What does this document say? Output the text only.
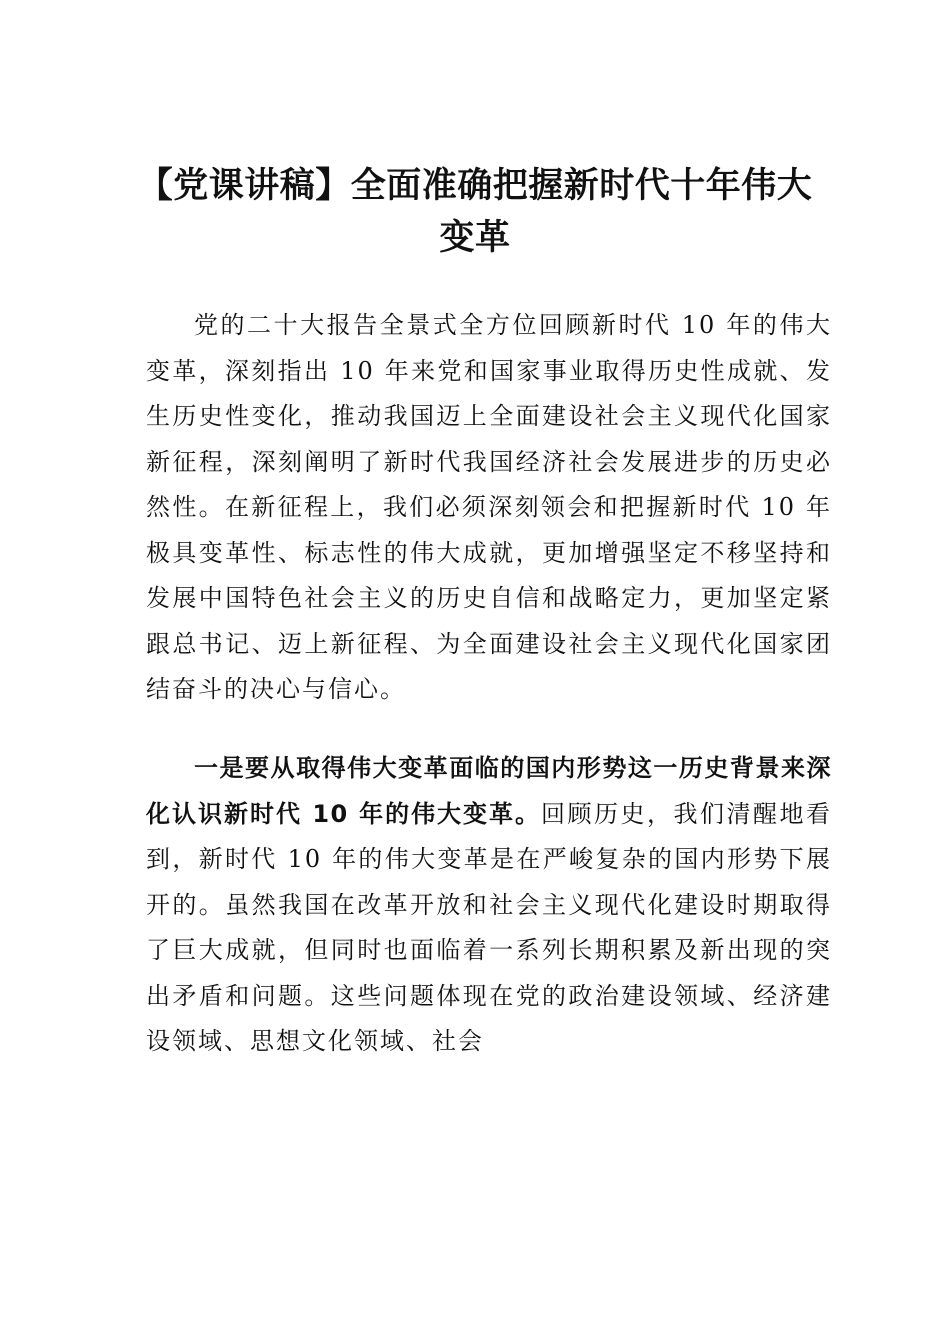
【党课讲稿】全面准确把握新时代十年伟大
变革

党的二十大报告全景式全方位回顾新时代 10 年的伟大变革，深刻指出 10 年来党和国家事业取得历史性成就、发生历史性变化，推动我国迈上全面建设社会主义现代化国家新征程，深刻阐明了新时代我国经济社会发展进步的历史必然性。在新征程上，我们必须深刻领会和把握新时代 10 年极具变革性、标志性的伟大成就，更加增强坚定不移坚持和发展中国特色社会主义的历史自信和战略定力，更加坚定紧跟总书记、迈上新征程、为全面建设社会主义现代化国家团结奋斗的决心与信心。

一是要从取得伟大变革面临的国内形势这一历史背景来深化认识新时代 10 年的伟大变革。回顾历史，我们清醒地看到，新时代 10 年的伟大变革是在严峻复杂的国内形势下展开的。虽然我国在改革开放和社会主义现代化建设时期取得了巨大成就，但同时也面临着一系列长期积累及新出现的突出矛盾和问题。这些问题体现在党的政治建设领域、经济建设领域、思想文化领域、社会
